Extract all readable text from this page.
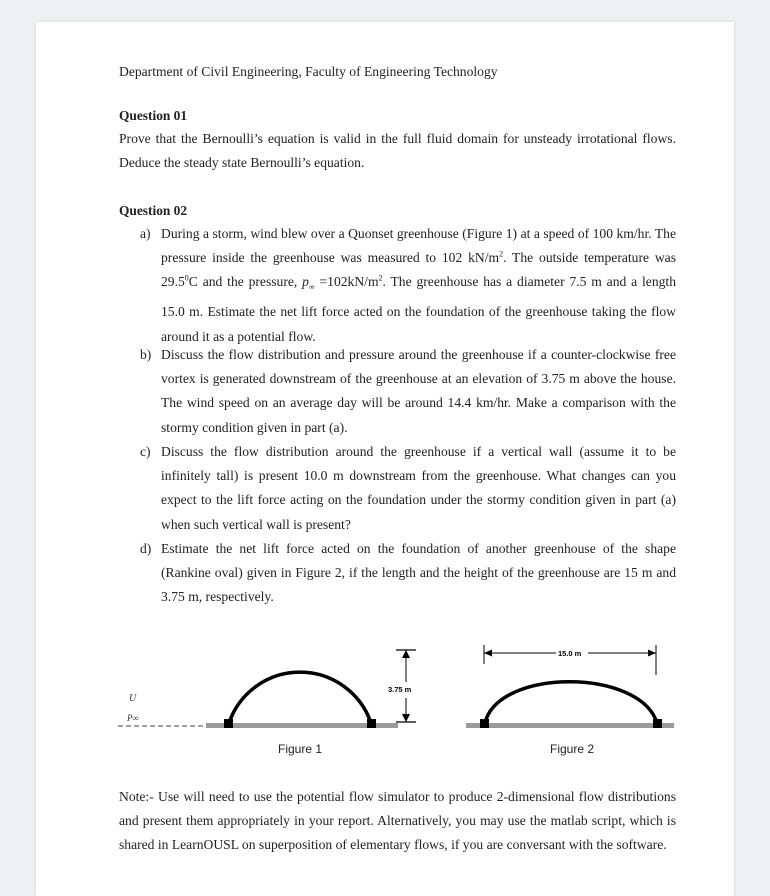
Department of Civil Engineering, Faculty of Engineering Technology
Question 01
Prove that the Bernoulli’s equation is valid in the full fluid domain for unsteady irrotational flows. Deduce the steady state Bernoulli’s equation.
Question 02
a) During a storm, wind blew over a Quonset greenhouse (Figure 1) at a speed of 100 km/hr. The pressure inside the greenhouse was measured to 102 $kN/m^2$. The outside temperature was 29.5$^0$C and the pressure, $p_\infty =102kN/m^2$. The greenhouse has a diameter 7.5 m and a length 15.0 m. Estimate the net lift force acted on the foundation of the greenhouse taking the flow around it as a potential flow.
b) Discuss the flow distribution and pressure around the greenhouse if a counter-clockwise free vortex is generated downstream of the greenhouse at an elevation of 3.75 m above the house. The wind speed on an average day will be around 14.4 km/hr. Make a comparison with the stormy condition given in part (a).
c) Discuss the flow distribution around the greenhouse if a vertical wall (assume it to be infinitely tall) is present 10.0 m downstream from the greenhouse. What changes can you expect to the lift force acting on the foundation under the stormy condition given in part (a) when such vertical wall is present?
d) Estimate the net lift force acted on the foundation of another greenhouse of the shape (Rankine oval) given in Figure 2, if the length and the height of the greenhouse are 15 m and 3.75 m, respectively.
3.75 m
U
P∞
15.0 m
Figure 1	Figure 2
Note:- Use will need to use the potential flow simulator to produce 2-dimensional flow distributions and present them appropriately in your report. Alternatively, you may use the matlab script, which is shared in LearnOUSL on superposition of elementary flows, if you are conversant with the software.
